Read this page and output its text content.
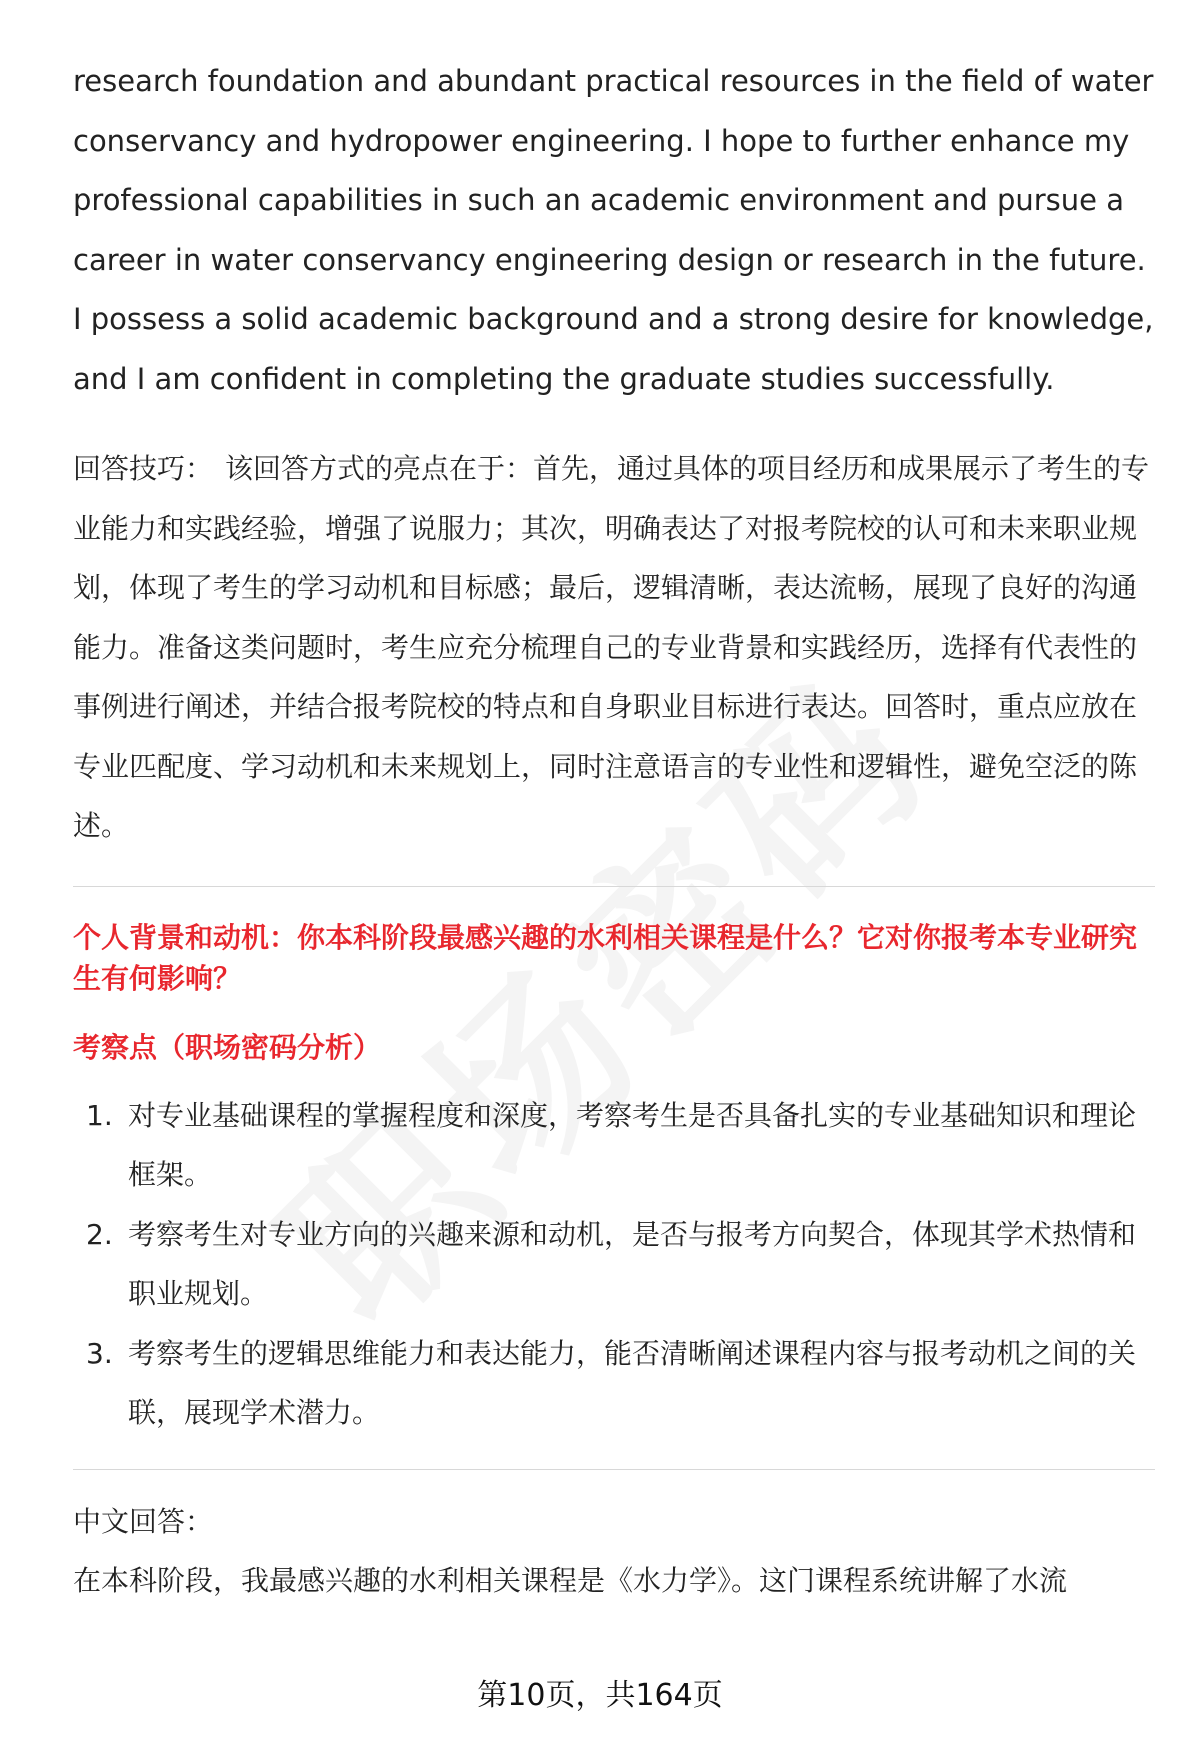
research foundation and abundant practical resources in the field of water conservancy and hydropower engineering. I hope to further enhance my professional capabilities in such an academic environment and pursue a career in water conservancy engineering design or research in the future. I possess a solid academic background and a strong desire for knowledge, and I am confident in completing the graduate studies successfully.

回答技巧： 该回答方式的亮点在于：首先，通过具体的项目经历和成果展示了考生的专业能力和实践经验，增强了说服力；其次，明确表达了对报考院校的认可和未来职业规划，体现了考生的学习动机和目标感；最后，逻辑清晰，表达流畅，展现了良好的沟通能力。准备这类问题时，考生应充分梳理自己的专业背景和实践经历，选择有代表性的事例进行阐述，并结合报考院校的特点和自身职业目标进行表达。回答时，重点应放在专业匹配度、学习动机和未来规划上，同时注意语言的专业性和逻辑性，避免空泛的陈述。

个人背景和动机：你本科阶段最感兴趣的水利相关课程是什么？它对你报考本专业研究生有何影响？
考察点（职场密码分析）
1. 对专业基础课程的掌握程度和深度，考察考生是否具备扎实的专业基础知识和理论框架。
2. 考察考生对专业方向的兴趣来源和动机，是否与报考方向契合，体现其学术热情和职业规划。
3. 考察考生的逻辑思维能力和表达能力，能否清晰阐述课程内容与报考动机之间的关联，展现学术潜力。

中文回答：

在本科阶段，我最感兴趣的水利相关课程是《水力学》。这门课程系统讲解了水流

第10页，共164页
